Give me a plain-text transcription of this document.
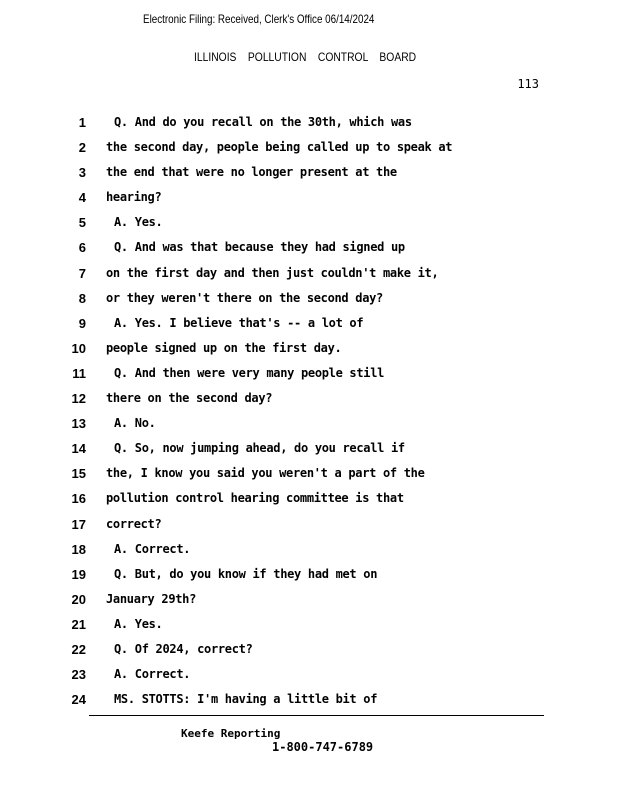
Electronic Filing: Received, Clerk's Office 06/14/2024
ILLINOIS POLLUTION CONTROL BOARD
113
1 Q. And do you recall on the 30th, which was
2 the second day, people being called up to speak at
3 the end that were no longer present at the
4 hearing?
5 A. Yes.
6 Q. And was that because they had signed up
7 on the first day and then just couldn't make it,
8 or they weren't there on the second day?
9 A. Yes. I believe that's -- a lot of
10 people signed up on the first day.
11 Q. And then were very many people still
12 there on the second day?
13 A. No.
14 Q. So, now jumping ahead, do you recall if
15 the, I know you said you weren't a part of the
16 pollution control hearing committee is that
17 correct?
18 A. Correct.
19 Q. But, do you know if they had met on
20 January 29th?
21 A. Yes.
22 Q. Of 2024, correct?
23 A. Correct.
24 MS. STOTTS: I'm having a little bit of
Keefe Reporting
1-800-747-6789
